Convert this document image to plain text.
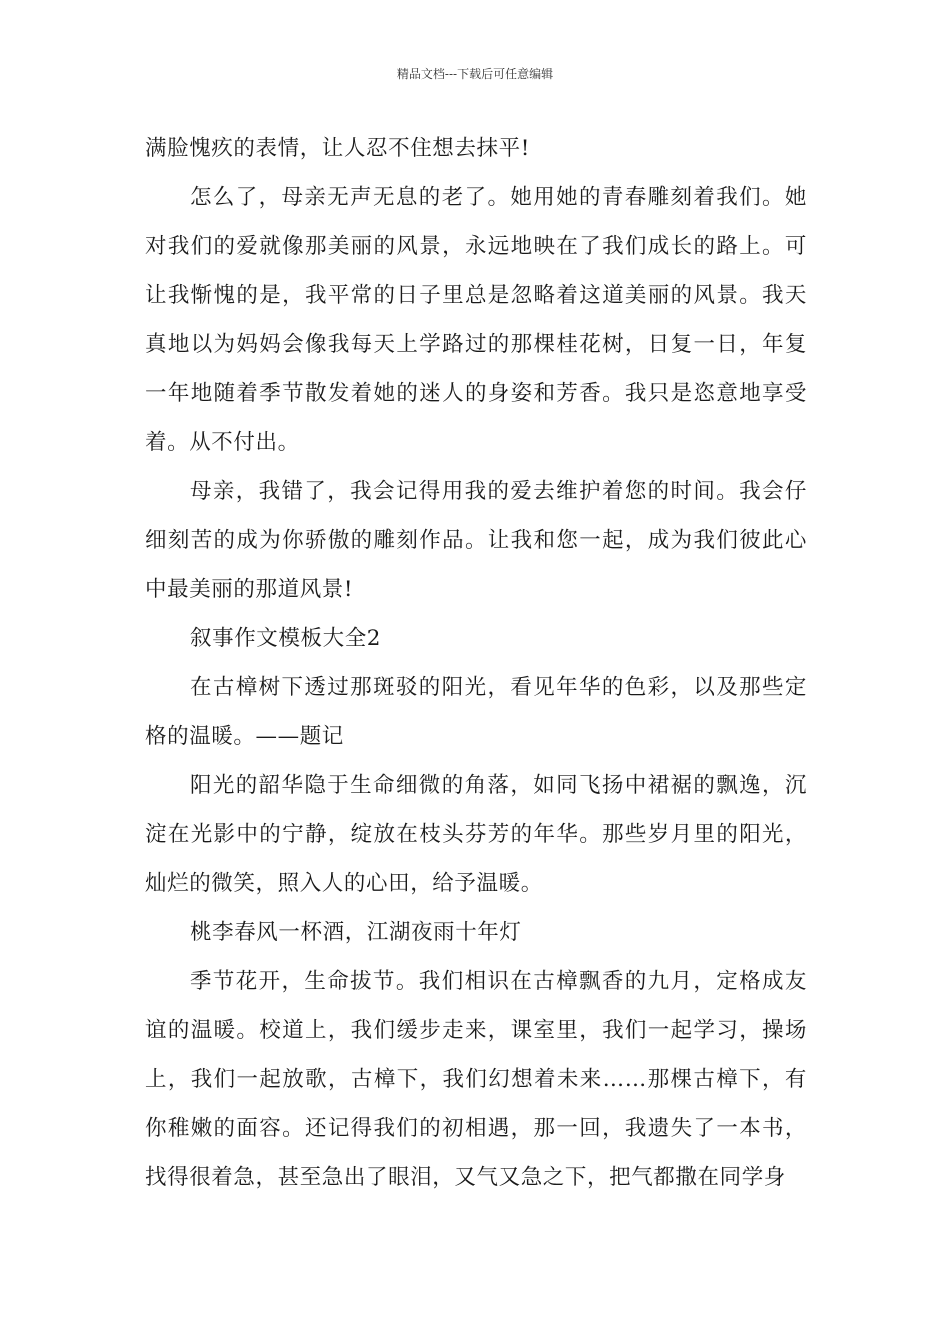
精品文档---下载后可任意编辑

满脸愧疚的表情，让人忍不住想去抹平!

怎么了，母亲无声无息的老了。她用她的青春雕刻着我们。她对我们的爱就像那美丽的风景，永远地映在了我们成长的路上。可让我惭愧的是，我平常的日子里总是忽略着这道美丽的风景。我天真地以为妈妈会像我每天上学路过的那棵桂花树，日复一日，年复一年地随着季节散发着她的迷人的身姿和芳香。我只是恣意地享受着。从不付出。

母亲，我错了，我会记得用我的爱去维护着您的时间。我会仔细刻苦的成为你骄傲的雕刻作品。让我和您一起，成为我们彼此心中最美丽的那道风景!

叙事作文模板大全2

在古樟树下透过那斑驳的阳光，看见年华的色彩，以及那些定格的温暖。——题记

阳光的韶华隐于生命细微的角落，如同飞扬中裙裾的飘逸，沉淀在光影中的宁静，绽放在枝头芬芳的年华。那些岁月里的阳光，灿烂的微笑，照入人的心田，给予温暖。

桃李春风一杯酒，江湖夜雨十年灯

季节花开，生命拔节。我们相识在古樟飘香的九月，定格成友谊的温暖。校道上，我们缓步走来，课室里，我们一起学习，操场上，我们一起放歌，古樟下，我们幻想着未来……那棵古樟下，有你稚嫩的面容。还记得我们的初相遇，那一回，我遗失了一本书，找得很着急，甚至急出了眼泪，又气又急之下，把气都撒在同学身
